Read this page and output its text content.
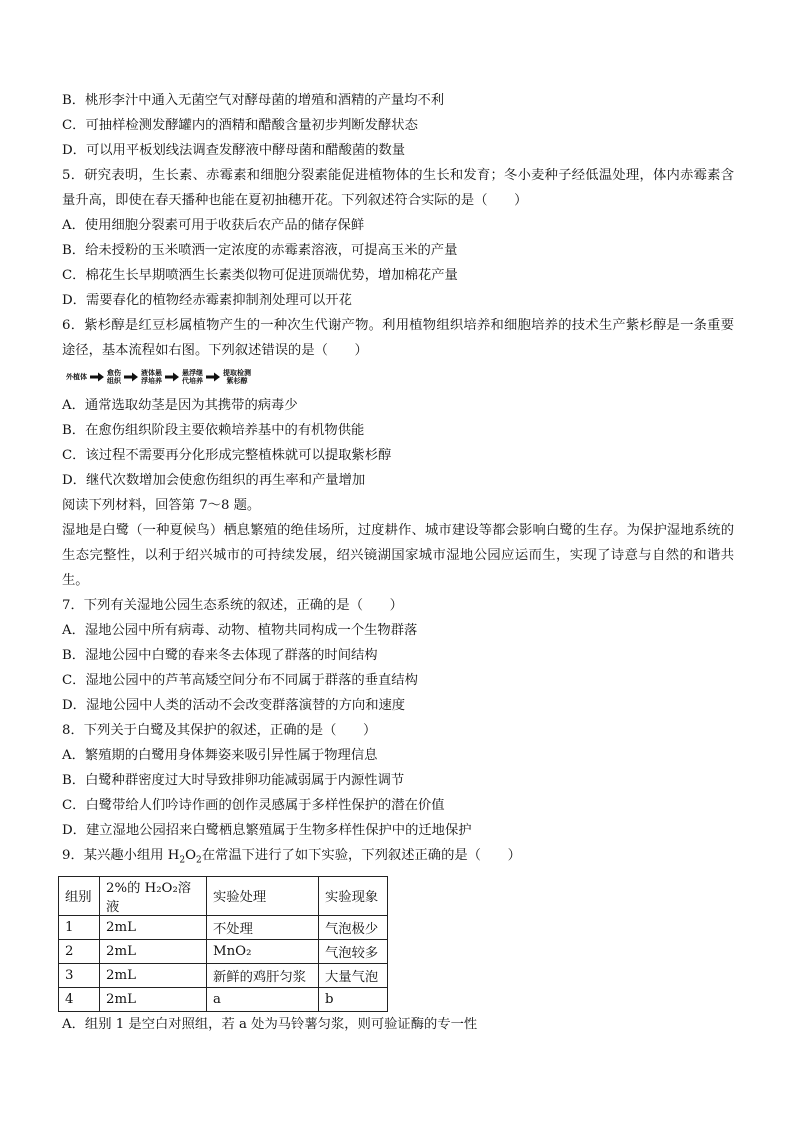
B．桃形李汁中通入无菌空气对酵母菌的增殖和酒精的产量均不利
C．可抽样检测发酵罐内的酒精和醋酸含量初步判断发酵状态
D．可以用平板划线法调查发酵液中酵母菌和醋酸菌的数量
5．研究表明，生长素、赤霉素和细胞分裂素能促进植物体的生长和发育；冬小麦种子经低温处理，体内赤霉素含量升高，即使在春天播种也能在夏初抽穗开花。下列叙述符合实际的是（　　）
A．使用细胞分裂素可用于收获后农产品的储存保鲜
B．给未授粉的玉米喷洒一定浓度的赤霉素溶液，可提高玉米的产量
C．棉花生长早期喷洒生长素类似物可促进顶端优势，增加棉花产量
D．需要春化的植物经赤霉素抑制剂处理可以开花
6．紫杉醇是红豆杉属植物产生的一种次生代谢产物。利用植物组织培养和细胞培养的技术生产紫杉醇是一条重要途径，基本流程如右图。下列叙述错误的是（　　）
外植体	愈伤
组织
液体悬
浮培养
悬浮继
代培养
提取检测
紫杉醇
A．通常选取幼茎是因为其携带的病毒少
B．在愈伤组织阶段主要依赖培养基中的有机物供能
C．该过程不需要再分化形成完整植株就可以提取紫杉醇
D．继代次数增加会使愈伤组织的再生率和产量增加
阅读下列材料，回答第 7～8 题。
湿地是白鹭（一种夏候鸟）栖息繁殖的绝佳场所，过度耕作、城市建设等都会影响白鹭的生存。为保护湿地系统的生态完整性，以利于绍兴城市的可持续发展，绍兴镜湖国家城市湿地公园应运而生，实现了诗意与自然的和谐共生。
7．下列有关湿地公园生态系统的叙述，正确的是（　　）
A．湿地公园中所有病毒、动物、植物共同构成一个生物群落
B．湿地公园中白鹭的春来冬去体现了群落的时间结构
C．湿地公园中的芦苇高矮空间分布不同属于群落的垂直结构
D．湿地公园中人类的活动不会改变群落演替的方向和速度
8．下列关于白鹭及其保护的叙述，正确的是（　　）
A．繁殖期的白鹭用身体舞姿来吸引异性属于物理信息
B．白鹭种群密度过大时导致排卵功能减弱属于内源性调节
C．白鹭带给人们吟诗作画的创作灵感属于多样性保护的潜在价值
D．建立湿地公园招来白鹭栖息繁殖属于生物多样性保护中的迁地保护
9．某兴趣小组用 $H_2O_2$在常温下进行了如下实验，下列叙述正确的是（　　）
组别	2%的 H₂O₂溶液	实验处理	实验现象
1	2mL	不处理	气泡极少
2	2mL	MnO₂	气泡较多
3	2mL	新鲜的鸡肝匀浆	大量气泡
4	2mL	a	b
A．组别 1 是空白对照组，若 a 处为马铃薯匀浆，则可验证酶的专一性
